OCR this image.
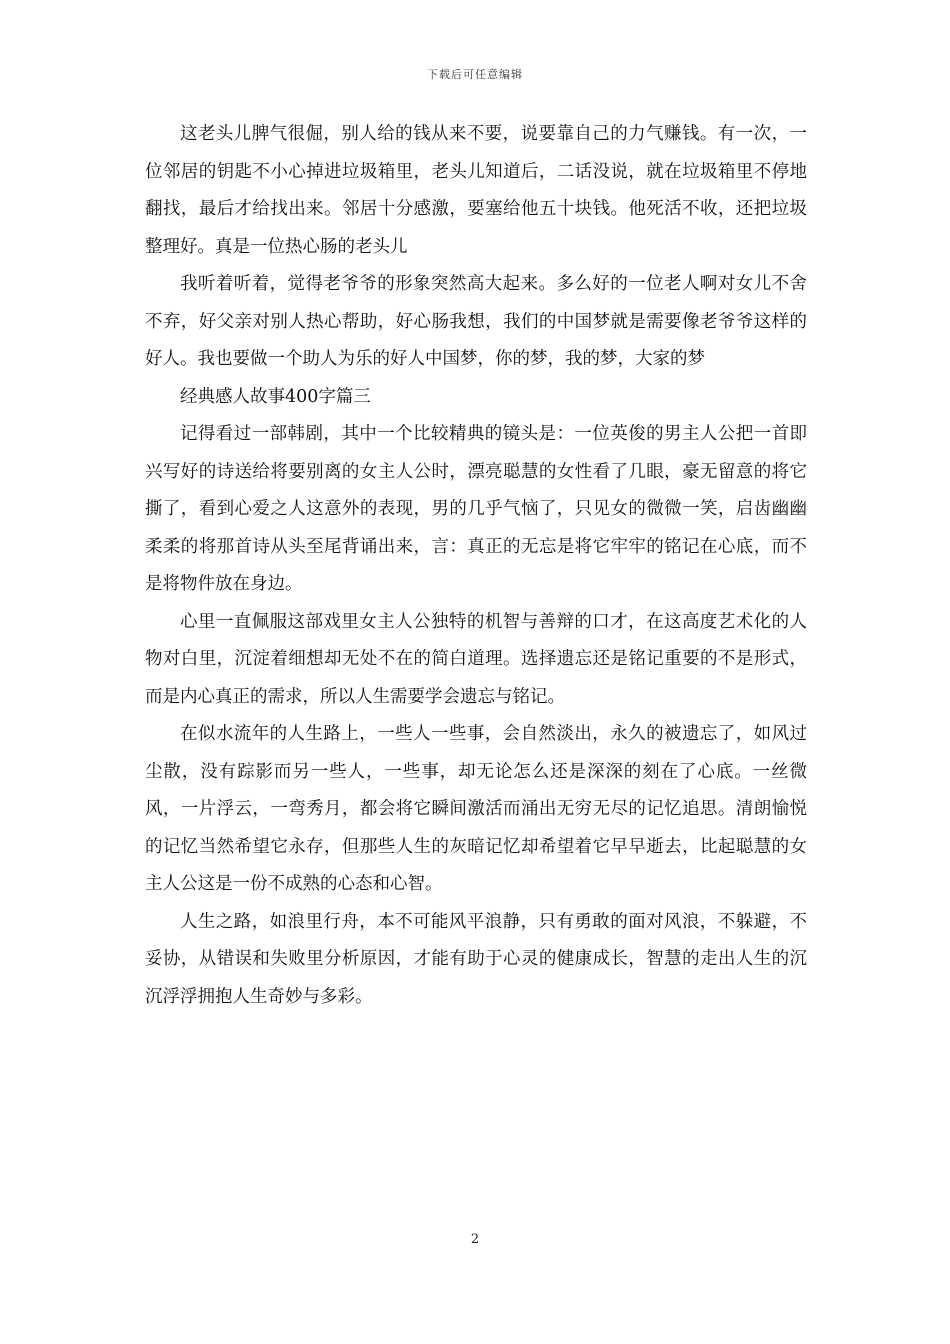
下载后可任意编辑

这老头儿脾气很倔，别人给的钱从来不要，说要靠自己的力气赚钱。有一次，一位邻居的钥匙不小心掉进垃圾箱里，老头儿知道后，二话没说，就在垃圾箱里不停地翻找，最后才给找出来。邻居十分感激，要塞给他五十块钱。他死活不收，还把垃圾整理好。真是一位热心肠的老头儿

我听着听着，觉得老爷爷的形象突然高大起来。多么好的一位老人啊对女儿不舍不弃，好父亲对别人热心帮助，好心肠我想，我们的中国梦就是需要像老爷爷这样的好人。我也要做一个助人为乐的好人中国梦，你的梦，我的梦，大家的梦

经典感人故事400字篇三

记得看过一部韩剧，其中一个比较精典的镜头是：一位英俊的男主人公把一首即兴写好的诗送给将要别离的女主人公时，漂亮聪慧的女性看了几眼，豪无留意的将它撕了，看到心爱之人这意外的表现，男的几乎气恼了，只见女的微微一笑，启齿幽幽柔柔的将那首诗从头至尾背诵出来，言：真正的无忘是将它牢牢的铭记在心底，而不是将物件放在身边。

心里一直佩服这部戏里女主人公独特的机智与善辩的口才，在这高度艺术化的人物对白里，沉淀着细想却无处不在的简白道理。选择遗忘还是铭记重要的不是形式，而是内心真正的需求，所以人生需要学会遗忘与铭记。

在似水流年的人生路上，一些人一些事，会自然淡出，永久的被遗忘了，如风过尘散，没有踪影而另一些人，一些事，却无论怎么还是深深的刻在了心底。一丝微风，一片浮云，一弯秀月，都会将它瞬间激活而涌出无穷无尽的记忆追思。清朗愉悦的记忆当然希望它永存，但那些人生的灰暗记忆却希望着它早早逝去，比起聪慧的女主人公这是一份不成熟的心态和心智。

人生之路，如浪里行舟，本不可能风平浪静，只有勇敢的面对风浪，不躲避，不妥协，从错误和失败里分析原因，才能有助于心灵的健康成长，智慧的走出人生的沉沉浮浮拥抱人生奇妙与多彩。

2
